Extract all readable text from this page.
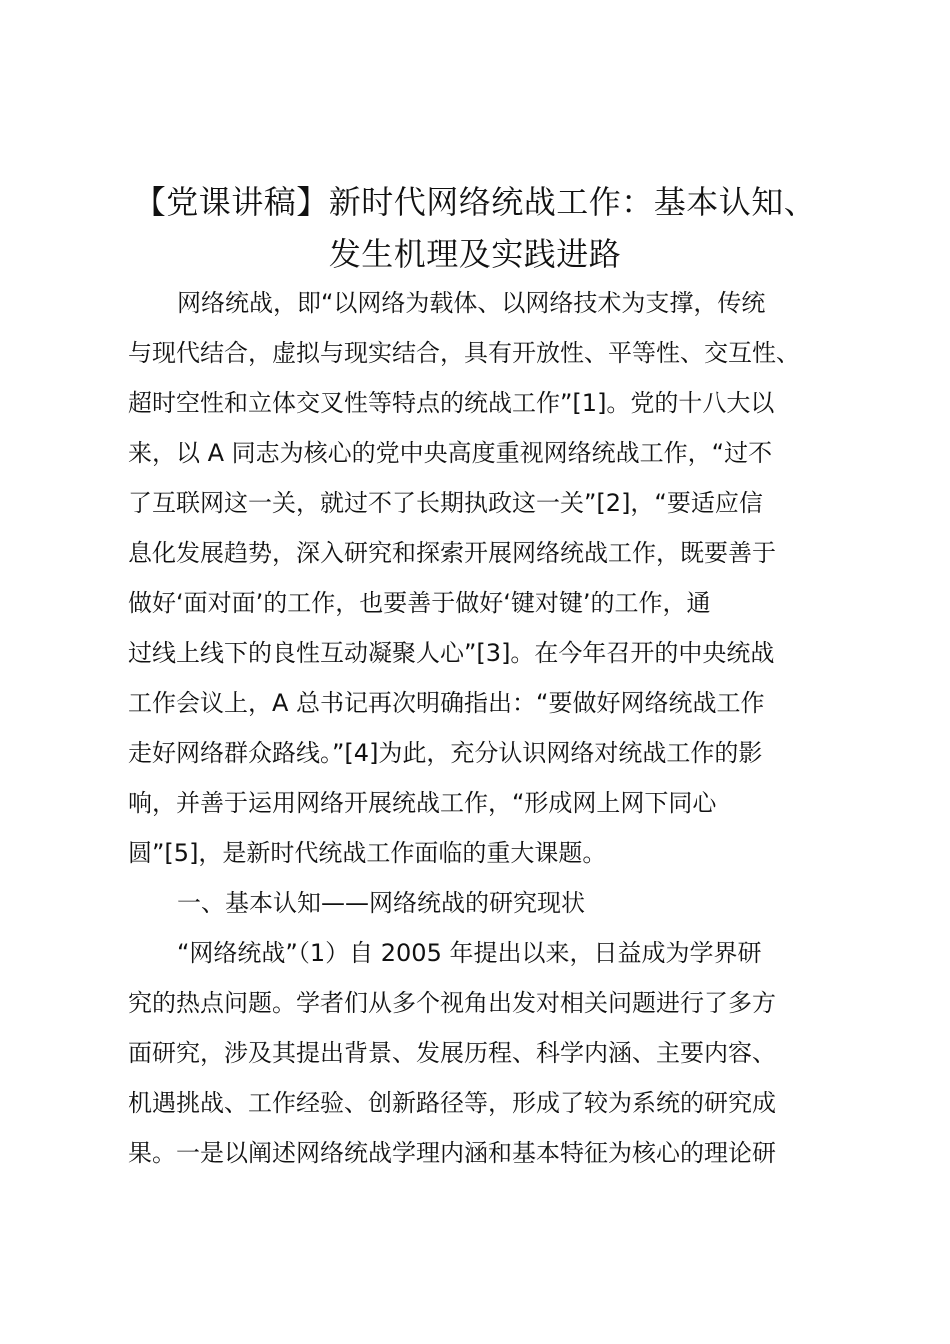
【党课讲稿】新时代网络统战工作：基本认知、
发生机理及实践进路
网络统战，即“以网络为载体、以网络技术为支撑，传统
与现代结合，虚拟与现实结合，具有开放性、平等性、交互性、
超时空性和立体交叉性等特点的统战工作”[1]。党的十八大以
来，以 A 同志为核心的党中央高度重视网络统战工作，“过不
了互联网这一关，就过不了长期执政这一关”[2]，“要适应信
息化发展趋势，深入研究和探索开展网络统战工作，既要善于
做好‘面对面’的工作，也要善于做好‘键对键’的工作，通
过线上线下的良性互动凝聚人心”[3]。在今年召开的中央统战
工作会议上，A 总书记再次明确指出：“要做好网络统战工作
走好网络群众路线。”[4]为此，充分认识网络对统战工作的影
响，并善于运用网络开展统战工作，“形成网上网下同心
圆”[5]，是新时代统战工作面临的重大课题。
一、基本认知——网络统战的研究现状
“网络统战”（1）自 2005 年提出以来，日益成为学界研
究的热点问题。学者们从多个视角出发对相关问题进行了多方
面研究，涉及其提出背景、发展历程、科学内涵、主要内容、
机遇挑战、工作经验、创新路径等，形成了较为系统的研究成
果。一是以阐述网络统战学理内涵和基本特征为核心的理论研
